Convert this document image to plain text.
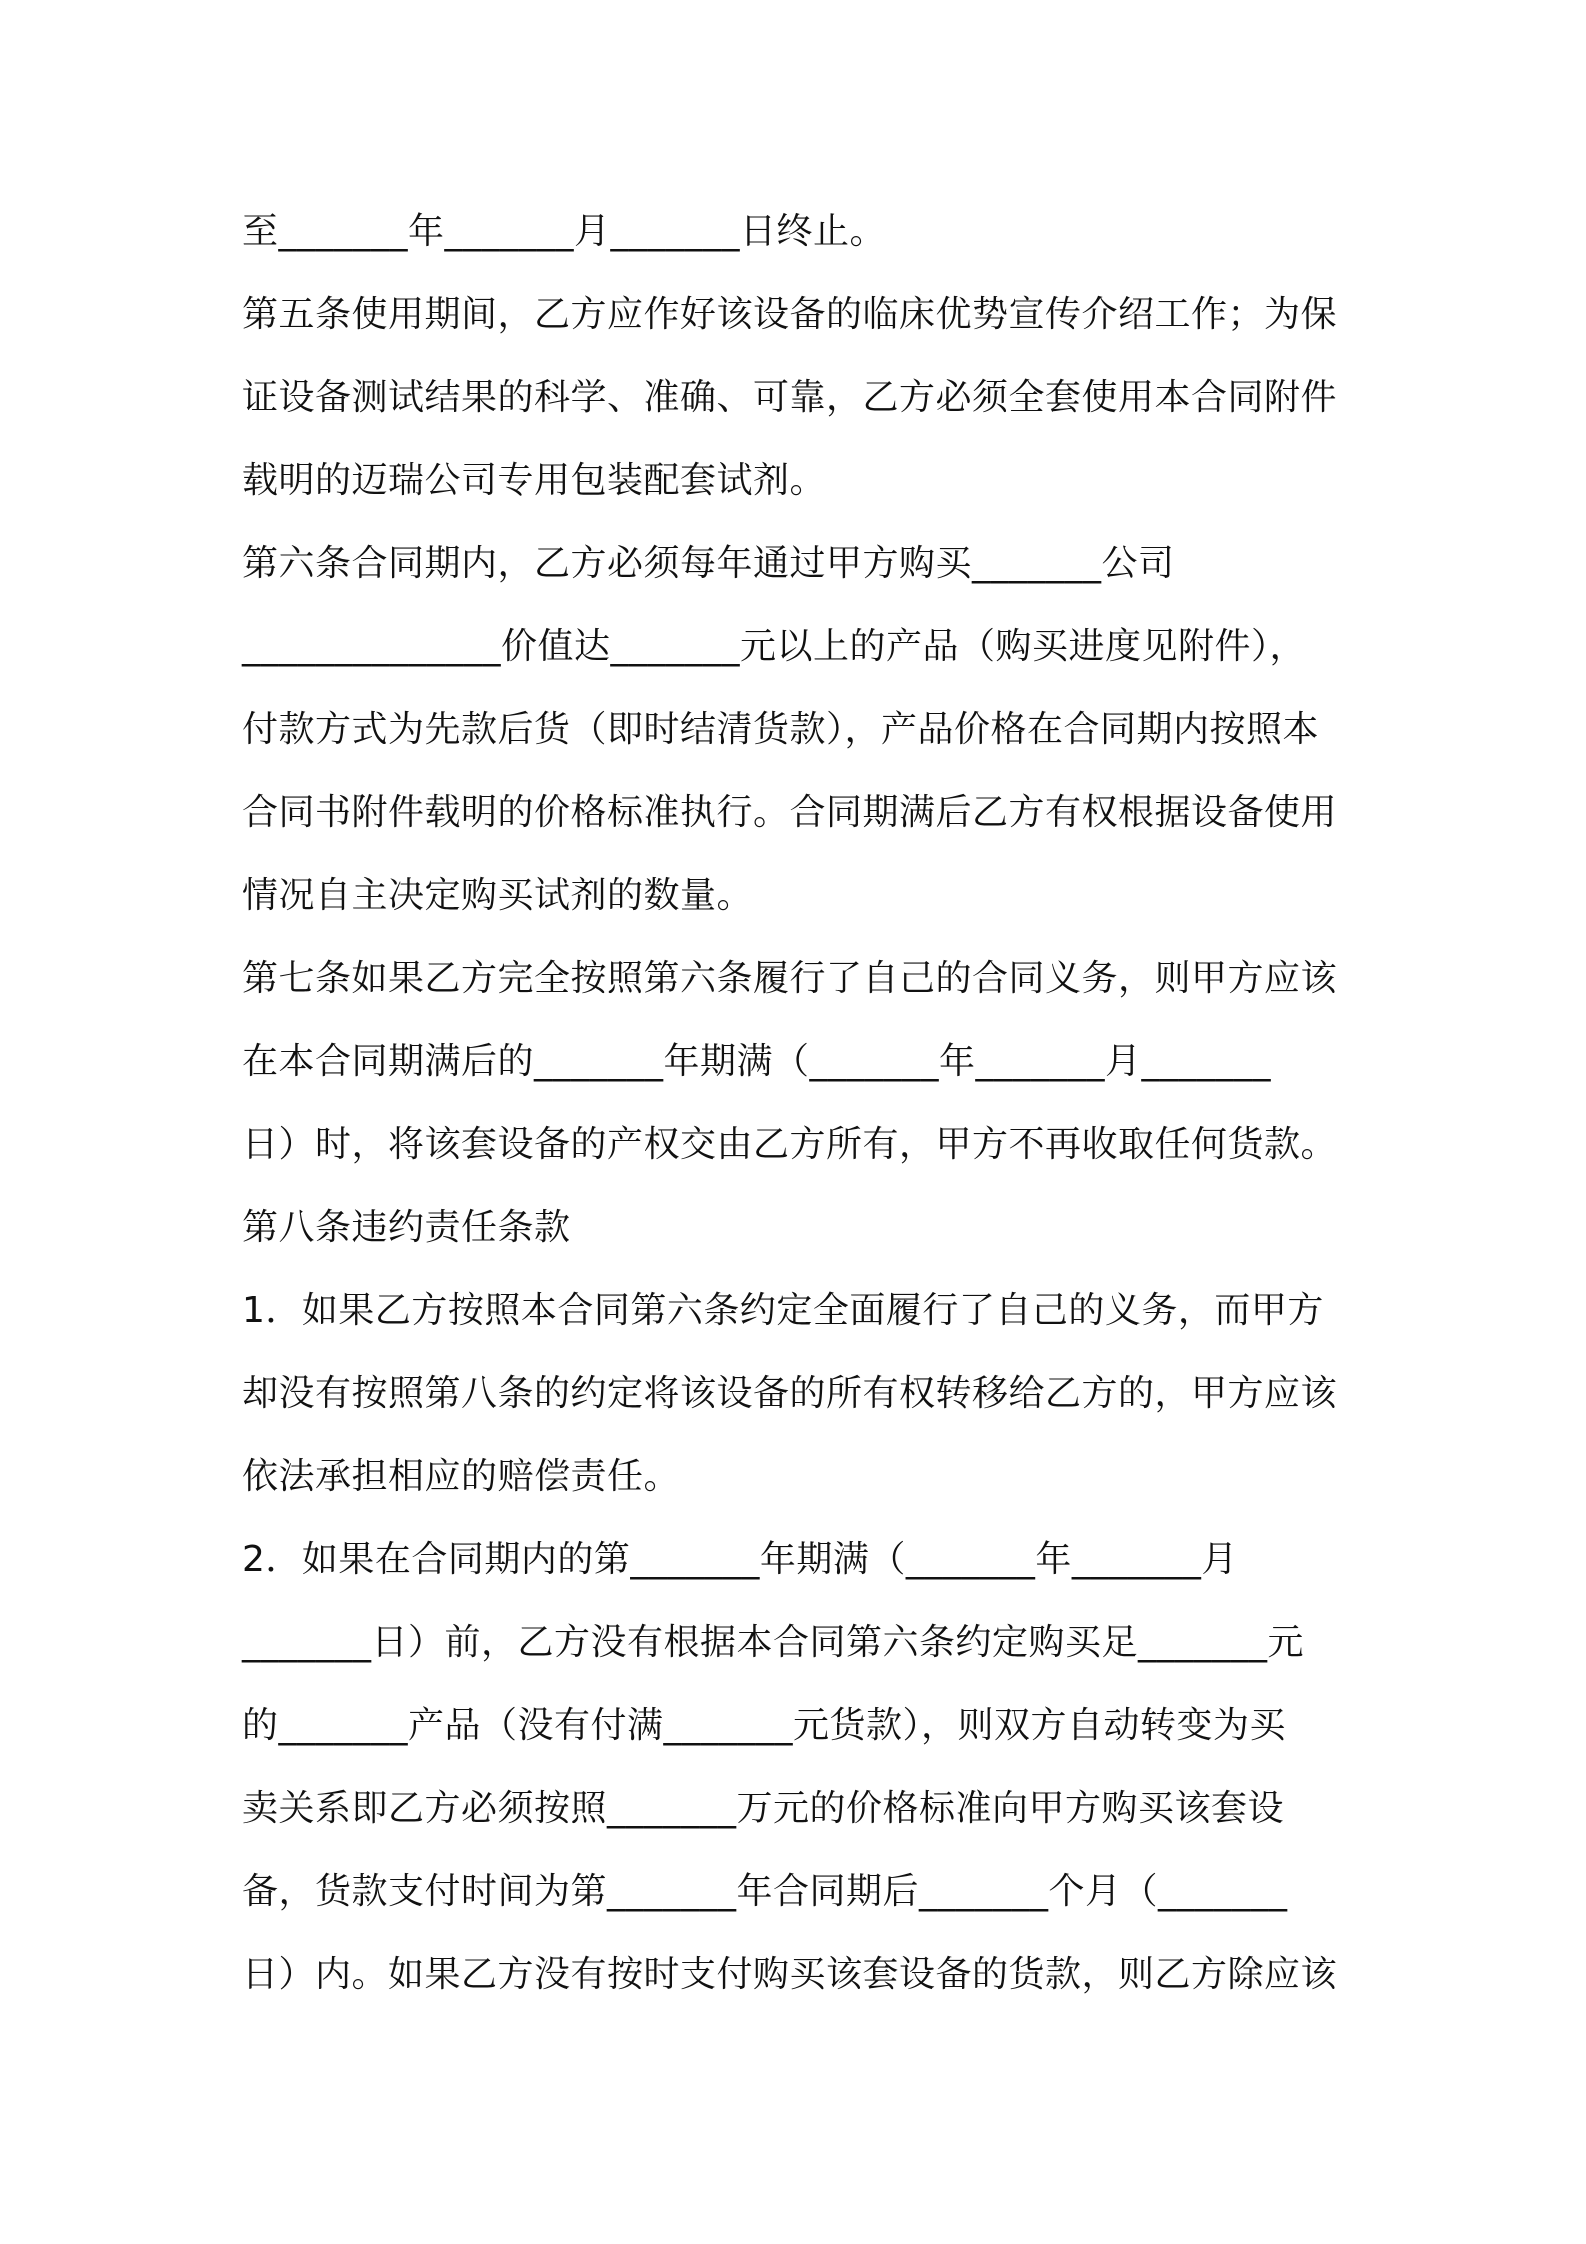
至_______年_______月_______日终止。
第五条使用期间，乙方应作好该设备的临床优势宣传介绍工作；为保
证设备测试结果的科学、准确、可靠，乙方必须全套使用本合同附件
载明的迈瑞公司专用包装配套试剂。
第六条合同期内，乙方必须每年通过甲方购买_______公司
______________价值达_______元以上的产品（购买进度见附件），
付款方式为先款后货（即时结清货款），产品价格在合同期内按照本
合同书附件载明的价格标准执行。合同期满后乙方有权根据设备使用
情况自主决定购买试剂的数量。
第七条如果乙方完全按照第六条履行了自己的合同义务，则甲方应该
在本合同期满后的_______年期满（_______年_______月_______
日）时，将该套设备的产权交由乙方所有，甲方不再收取任何货款。
第八条违约责任条款
1．如果乙方按照本合同第六条约定全面履行了自己的义务，而甲方
却没有按照第八条的约定将该设备的所有权转移给乙方的，甲方应该
依法承担相应的赔偿责任。
2．如果在合同期内的第_______年期满（_______年_______月
_______日）前，乙方没有根据本合同第六条约定购买足_______元
的_______产品（没有付满_______元货款），则双方自动转变为买
卖关系即乙方必须按照_______万元的价格标准向甲方购买该套设
备，货款支付时间为第_______年合同期后_______个月（_______
日）内。如果乙方没有按时支付购买该套设备的货款，则乙方除应该
